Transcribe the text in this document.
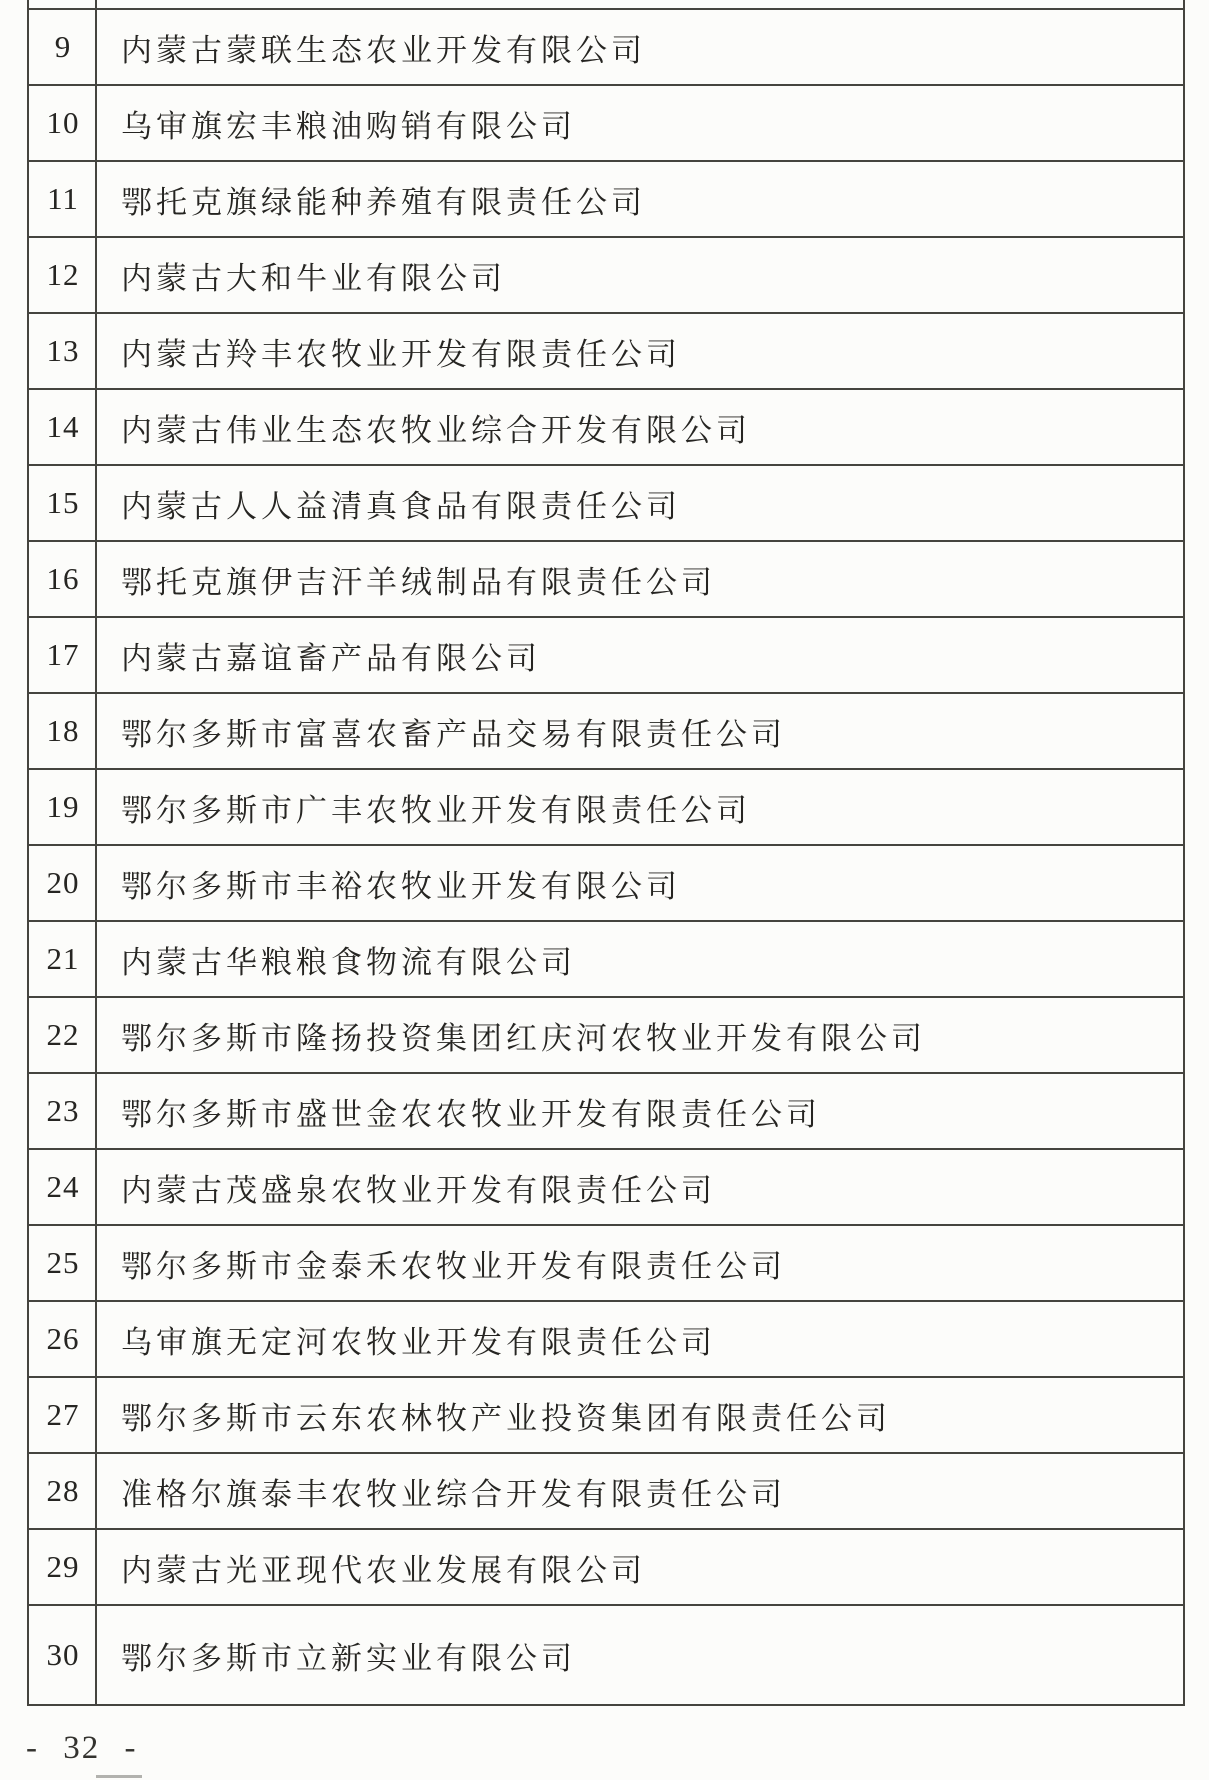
9	内蒙古蒙联生态农业开发有限公司
10	乌审旗宏丰粮油购销有限公司
11	鄂托克旗绿能种养殖有限责任公司
12	内蒙古大和牛业有限公司
13	内蒙古羚丰农牧业开发有限责任公司
14	内蒙古伟业生态农牧业综合开发有限公司
15	内蒙古人人益清真食品有限责任公司
16	鄂托克旗伊吉汗羊绒制品有限责任公司
17	内蒙古嘉谊畜产品有限公司
18	鄂尔多斯市富喜农畜产品交易有限责任公司
19	鄂尔多斯市广丰农牧业开发有限责任公司
20	鄂尔多斯市丰裕农牧业开发有限公司
21	内蒙古华粮粮食物流有限公司
22	鄂尔多斯市隆扬投资集团红庆河农牧业开发有限公司
23	鄂尔多斯市盛世金农农牧业开发有限责任公司
24	内蒙古茂盛泉农牧业开发有限责任公司
25	鄂尔多斯市金泰禾农牧业开发有限责任公司
26	乌审旗无定河农牧业开发有限责任公司
27	鄂尔多斯市云东农林牧产业投资集团有限责任公司
28	准格尔旗泰丰农牧业综合开发有限责任公司
29	内蒙古光亚现代农业发展有限公司
30	鄂尔多斯市立新实业有限公司
- 32 -
